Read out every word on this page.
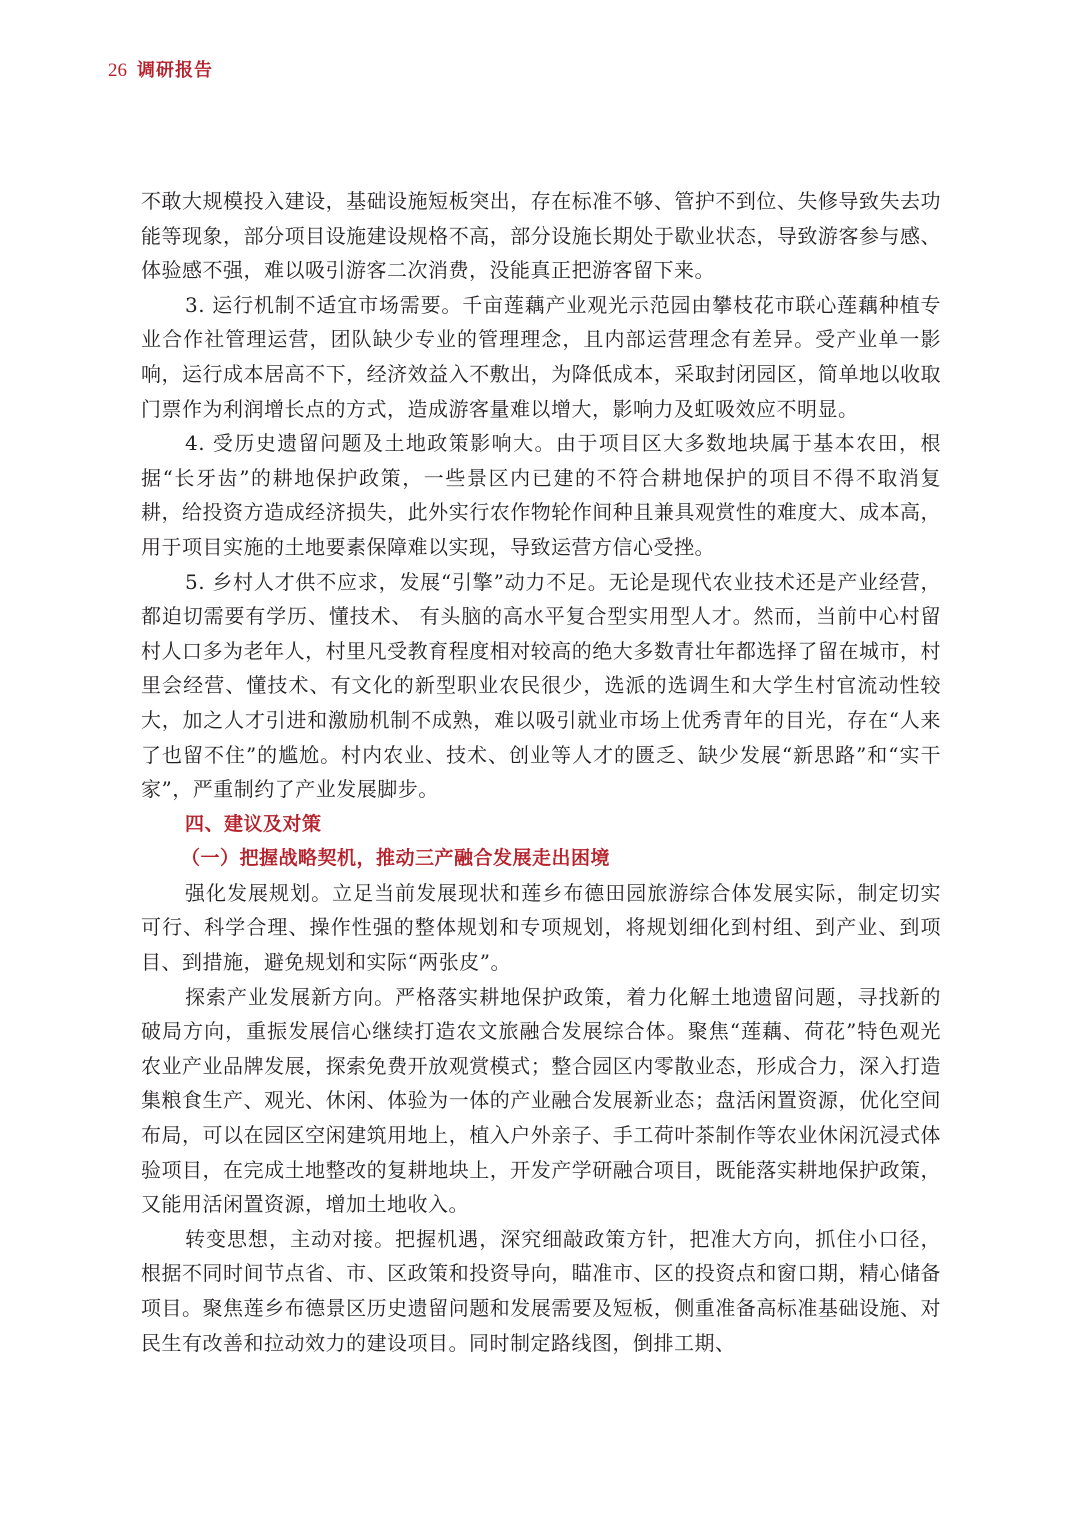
26 调研报告

不敢大规模投入建设，基础设施短板突出，存在标准不够、管护不到位、失修导致失去功能等现象，部分项目设施建设规格不高，部分设施长期处于歇业状态，导致游客参与感、体验感不强，难以吸引游客二次消费，没能真正把游客留下来。

3. 运行机制不适宜市场需要。千亩莲藕产业观光示范园由攀枝花市联心莲藕种植专业合作社管理运营，团队缺少专业的管理理念，且内部运营理念有差异。受产业单一影响，运行成本居高不下，经济效益入不敷出，为降低成本，采取封闭园区，简单地以收取门票作为利润增长点的方式，造成游客量难以增大，影响力及虹吸效应不明显。

4. 受历史遗留问题及土地政策影响大。由于项目区大多数地块属于基本农田，根据“长牙齿”的耕地保护政策，一些景区内已建的不符合耕地保护的项目不得不取消复耕，给投资方造成经济损失，此外实行农作物轮作间种且兼具观赏性的难度大、成本高，用于项目实施的土地要素保障难以实现，导致运营方信心受挫。

5. 乡村人才供不应求，发展“引擎”动力不足。无论是现代农业技术还是产业经营，都迫切需要有学历、懂技术、 有头脑的高水平复合型实用型人才。然而，当前中心村留村人口多为老年人，村里凡受教育程度相对较高的绝大多数青壮年都选择了留在城市，村里会经营、懂技术、有文化的新型职业农民很少，选派的选调生和大学生村官流动性较大，加之人才引进和激励机制不成熟，难以吸引就业市场上优秀青年的目光，存在“人来了也留不住”的尴尬。村内农业、技术、创业等人才的匮乏、缺少发展“新思路”和“实干家”，严重制约了产业发展脚步。

四、建议及对策
（一）把握战略契机，推动三产融合发展走出困境

强化发展规划。立足当前发展现状和莲乡布德田园旅游综合体发展实际，制定切实可行、科学合理、操作性强的整体规划和专项规划，将规划细化到村组、到产业、到项目、到措施，避免规划和实际“两张皮”。

探索产业发展新方向。严格落实耕地保护政策，着力化解土地遗留问题，寻找新的破局方向，重振发展信心继续打造农文旅融合发展综合体。聚焦“莲藕、荷花”特色观光农业产业品牌发展，探索免费开放观赏模式；整合园区内零散业态，形成合力，深入打造集粮食生产、观光、休闲、体验为一体的产业融合发展新业态；盘活闲置资源，优化空间布局，可以在园区空闲建筑用地上，植入户外亲子、手工荷叶茶制作等农业休闲沉浸式体验项目，在完成土地整改的复耕地块上，开发产学研融合项目，既能落实耕地保护政策，又能用活闲置资源，增加土地收入。

转变思想，主动对接。把握机遇，深究细敲政策方针，把准大方向，抓住小口径，根据不同时间节点省、市、区政策和投资导向，瞄准市、区的投资点和窗口期，精心储备项目。聚焦莲乡布德景区历史遗留问题和发展需要及短板，侧重准备高标准基础设施、对民生有改善和拉动效力的建设项目。同时制定路线图，倒排工期、
